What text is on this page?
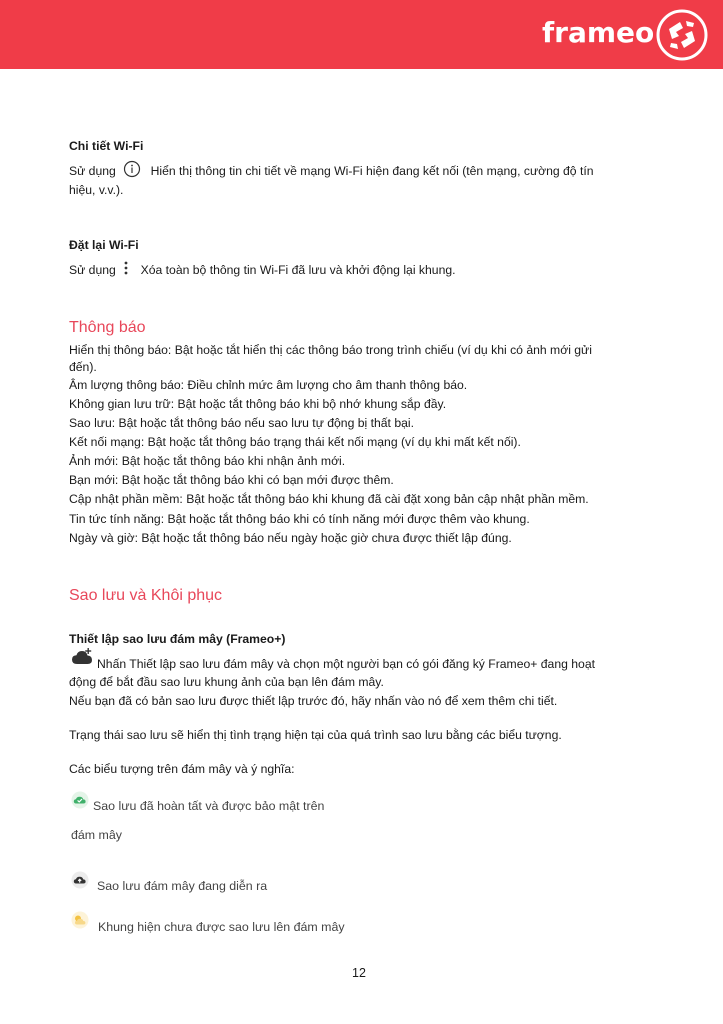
frameo
Chi tiết Wi-Fi
Sử dụng	Hiển thị thông tin chi tiết về mạng Wi-Fi hiện đang kết nối (tên mạng, cường độ tín
hiệu, v.v.).
Đặt lại Wi-Fi
Sử dụng Xóa toàn bộ thông tin Wi-Fi đã lưu và khởi động lại khung.
Thông báo
Hiển thị thông báo: Bật hoặc tắt hiển thị các thông báo trong trình chiếu (ví dụ khi có ảnh mới gửi
đến).
Âm lượng thông báo: Điều chỉnh mức âm lượng cho âm thanh thông báo.
Không gian lưu trữ: Bật hoặc tắt thông báo khi bộ nhớ khung sắp đầy.
Sao lưu: Bật hoặc tắt thông báo nếu sao lưu tự động bị thất bại.
Kết nối mạng: Bật hoặc tắt thông báo trạng thái kết nối mạng (ví dụ khi mất kết nối).
Ảnh mới: Bật hoặc tắt thông báo khi nhận ảnh mới.
Bạn mới: Bật hoặc tắt thông báo khi có bạn mới được thêm.
Cập nhật phần mềm: Bật hoặc tắt thông báo khi khung đã cài đặt xong bản cập nhật phần mềm.
Tin tức tính năng: Bật hoặc tắt thông báo khi có tính năng mới được thêm vào khung.
Ngày và giờ: Bật hoặc tắt thông báo nếu ngày hoặc giờ chưa được thiết lập đúng.
Sao lưu và Khôi phục
Thiết lập sao lưu đám mây (Frameo+)
Nhấn Thiết lập sao lưu đám mây và chọn một người bạn có gói đăng ký Frameo+ đang hoạt
động để bắt đầu sao lưu khung ảnh của bạn lên đám mây.
Nếu bạn đã có bản sao lưu được thiết lập trước đó, hãy nhấn vào nó để xem thêm chi tiết.
Trạng thái sao lưu sẽ hiển thị tình trạng hiện tại của quá trình sao lưu bằng các biểu tượng.
Các biểu tượng trên đám mây và ý nghĩa:
Sao lưu đã hoàn tất và được bảo mật trên
đám mây
Sao lưu đám mây đang diễn ra
Khung hiện chưa được sao lưu lên đám mây
12
